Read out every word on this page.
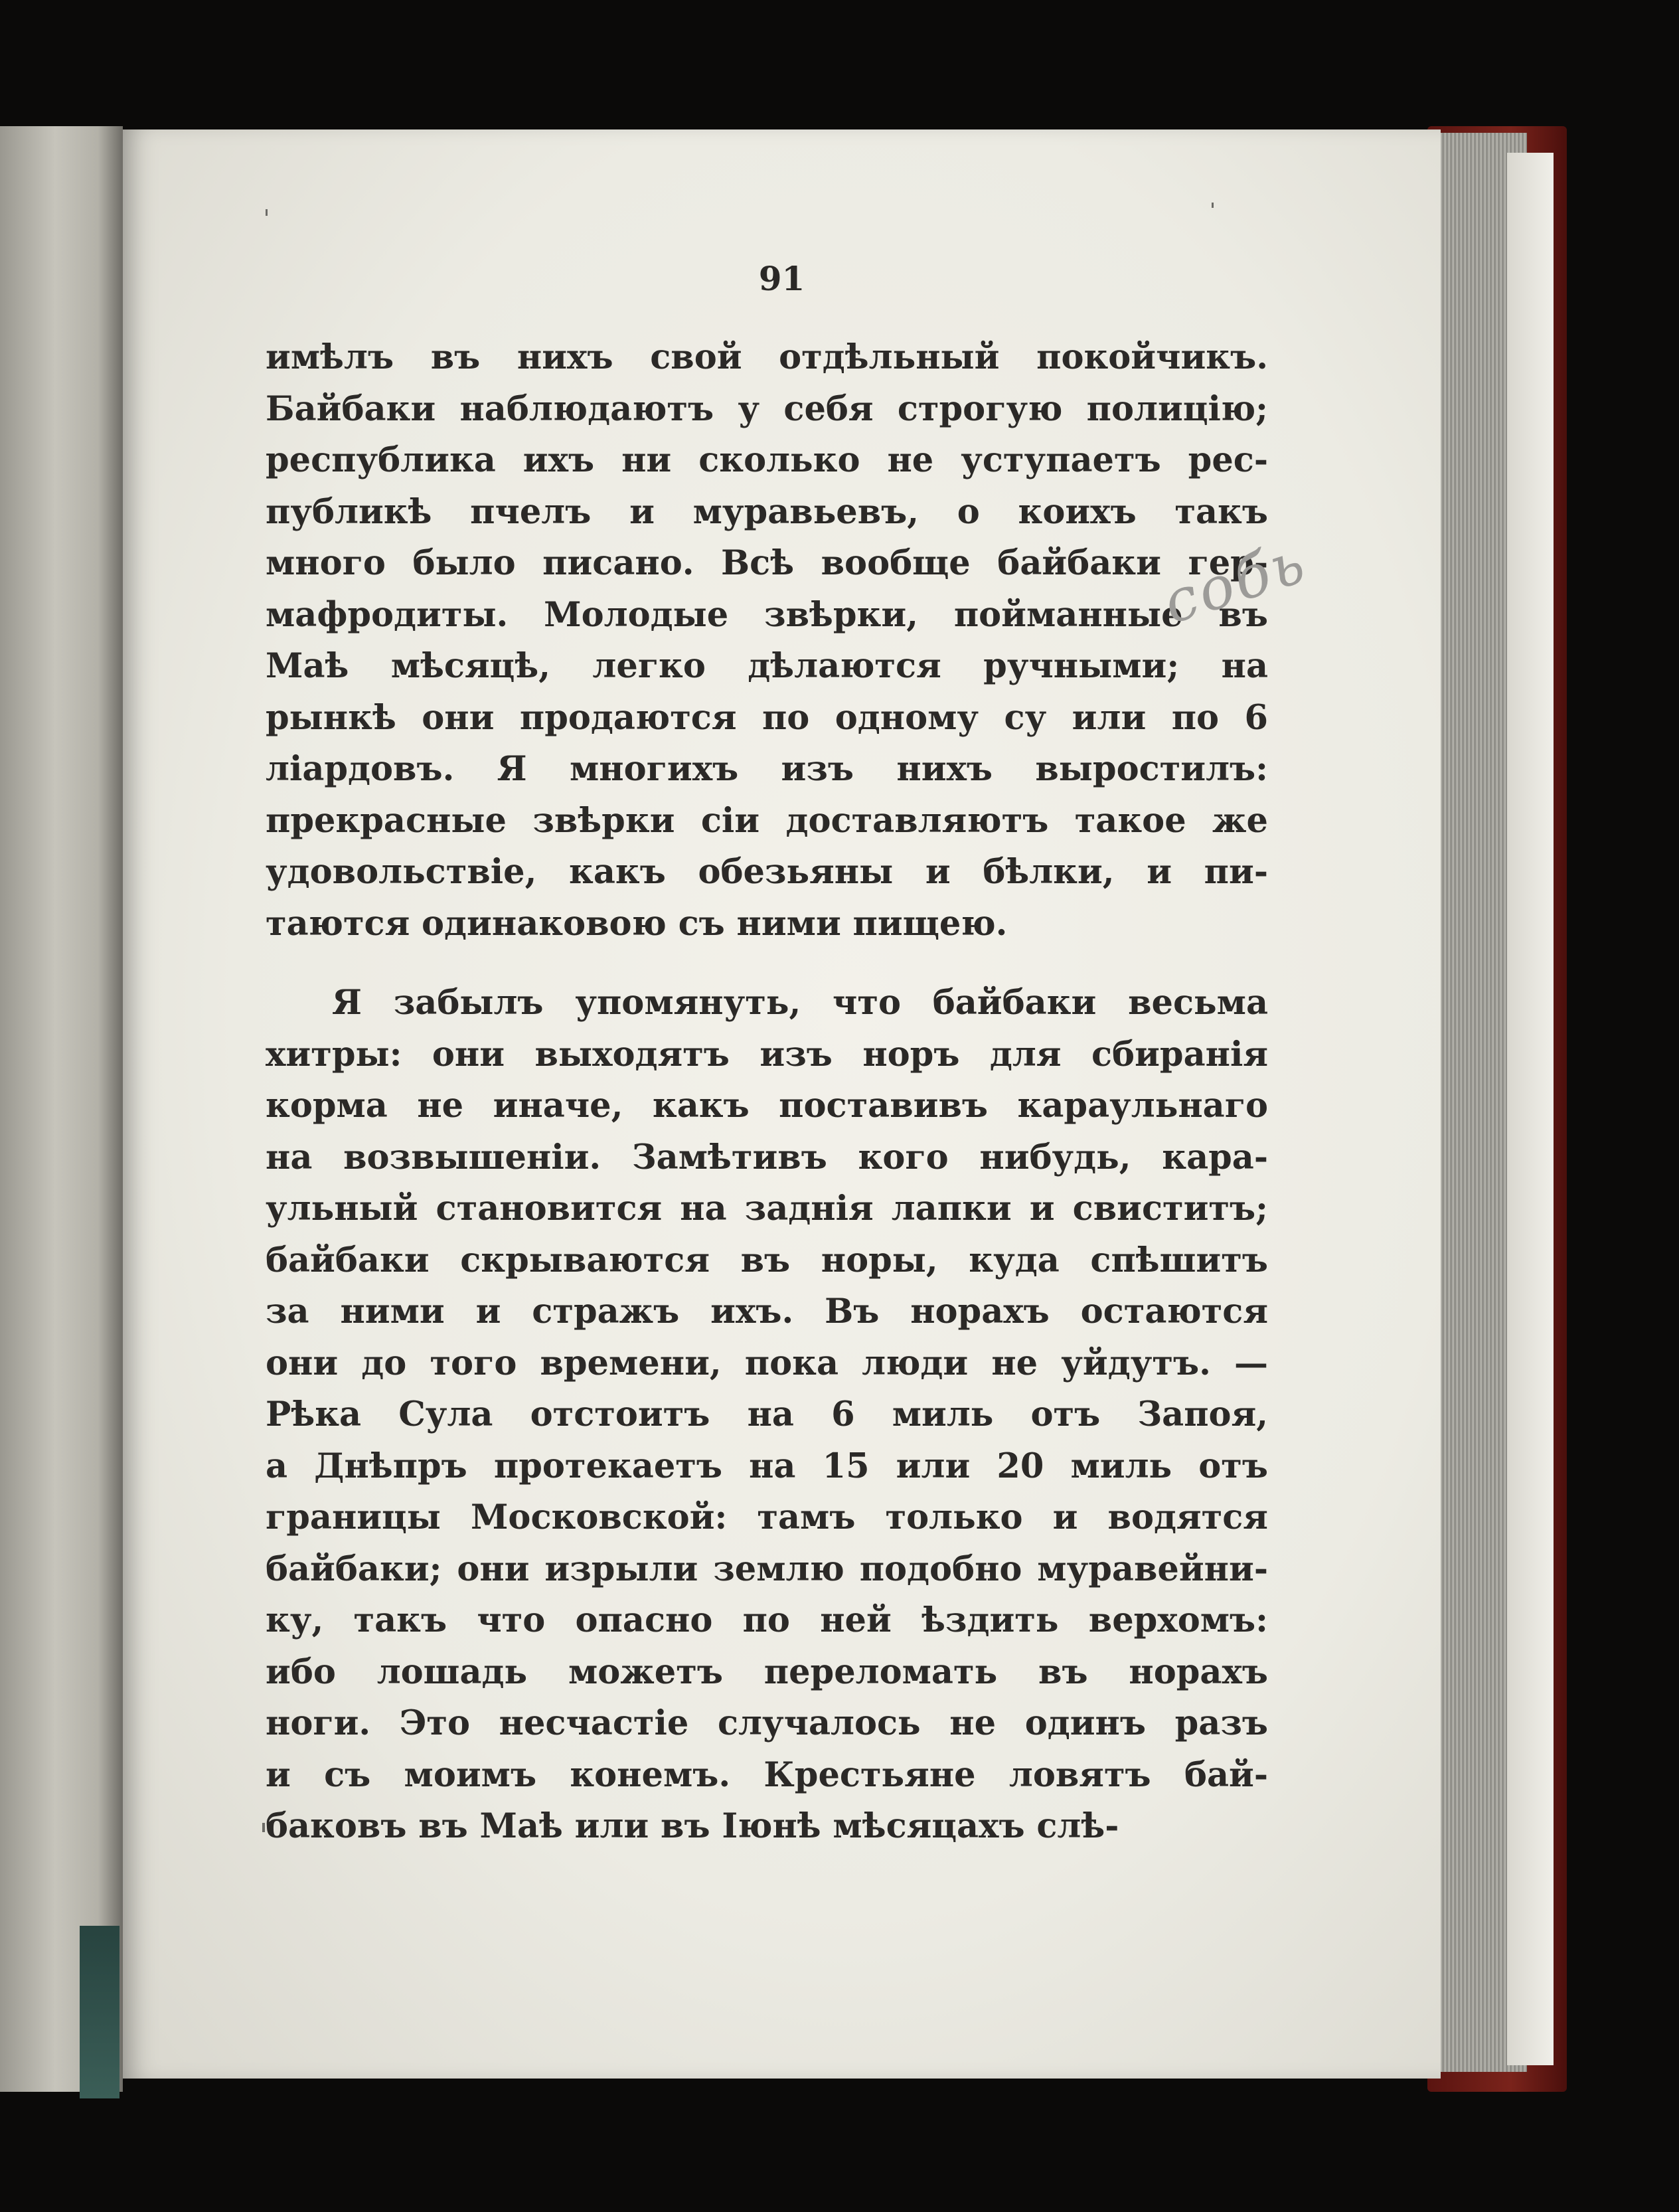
91
имѣлъ въ нихъ свой отдѣльный покойчикъ.
Байбаки наблюдаютъ у себя строгую полицію;
республика ихъ ни сколько не уступаетъ рес-
публикѣ пчелъ и муравьевъ, о коихъ такъ
много было писано. Всѣ вообще байбаки гер-
мафродиты. Молодые звѣрки, пойманные въ
Маѣ мѣсяцѣ, легко дѣлаются ручными; на
рынкѣ они продаются по одному су или по 6
ліардовъ. Я многихъ изъ нихъ выростилъ:
прекрасные звѣрки сіи доставляютъ такое же
удовольствіе, какъ обезьяны и бѣлки, и пи-
таются одинаковою съ ними пищею.
Я забылъ упомянуть, что байбаки весьма
хитры: они выходятъ изъ норъ для сбиранія
корма не иначе, какъ поставивъ караульнаго
на возвышеніи. Замѣтивъ кого нибудь, кара-
ульный становится на заднія лапки и свиститъ;
байбаки скрываются въ норы, куда спѣшитъ
за ними и стражъ ихъ. Въ норахъ остаются
они до того времени, пока люди не уйдутъ. —
Рѣка Сула отстоитъ на 6 миль отъ Запоя,
а Днѣпръ протекаетъ на 15 или 20 миль отъ
границы Московской: тамъ только и водятся
байбаки; они изрыли землю подобно муравейни-
ку, такъ что опасно по ней ѣздить верхомъ:
ибо лошадь можетъ переломать въ норахъ
ноги. Это несчастіе случалось не одинъ разъ
и съ моимъ конемъ. Крестьяне ловятъ бай-
баковъ въ Маѣ или въ Іюнѣ мѣсяцахъ слѣ-
собь
